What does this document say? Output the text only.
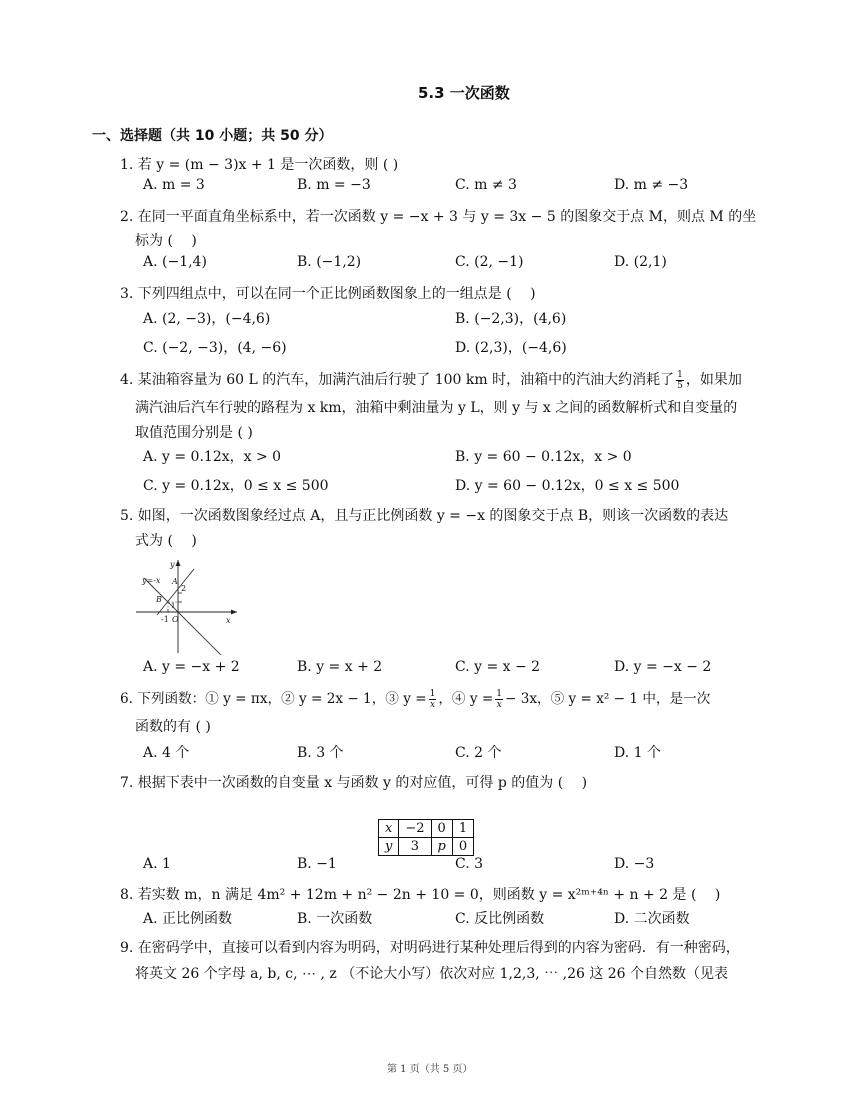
5.3 一次函数
一、选择题（共 10 小题；共 50 分）
1. 若 y = (m − 3)x + 1 是一次函数，则 ( )
A. m = 3	B. m = −3	C. m ≠ 3	D. m ≠ −3
2. 在同一平面直角坐标系中，若一次函数 y = −x + 3 与 y = 3x − 5 的图象交于点 M，则点 M 的坐
标为 (　 )
A. (−1,4)	B. (−1,2)	C. (2, −1)	D. (2,1)
3. 下列四组点中，可以在同一个正比例函数图象上的一组点是 (　 )
A. (2, −3)，(−4,6)	B. (−2,3)，(4,6)
C. (−2, −3)，(4, −6)	D. (2,3)，(−4,6)
4. 某油箱容量为 60 L 的汽车，加满汽油后行驶了 100 km 时，油箱中的汽油大约消耗了 $\frac{1}{5}$ ，如果加
满汽油后汽车行驶的路程为 x km，油箱中剩油量为 y L，则 y 与 x 之间的函数解析式和自变量的
取值范围分别是 ( )
A. y = 0.12x，x > 0	B. y = 60 − 0.12x，x > 0
C. y = 0.12x，0 ≤ x ≤ 500	D. y = 60 − 0.12x，0 ≤ x ≤ 500
5. 如图，一次函数图象经过点 A，且与正比例函数 y = −x 的图象交于点 B，则该一次函数的表达
式为 (　 )
y=-x
y
x
A
2
B
1
-1 O
A. y = −x + 2	B. y = x + 2	C. y = x − 2	D. y = −x − 2
6. 下列函数：① y = πx，② y = 2x − 1，③ $y = \frac{1}{x}$ ，④ $y = \frac{1}{x} - 3x$，⑤ y = x² − 1 中，是一次
函数的有 ( )
A. 4 个	B. 3 个	C. 2 个	D. 1 个
7. 根据下表中一次函数的自变量 x 与函数 y 的对应值，可得 p 的值为 (　 )
x	−2	0	1
y	3	p	0
A. 1	B. −1	C. 3	D. −3
8. 若实数 m，n 满足 4m² + 12m + n² − 2n + 10 = 0，则函数 y = x²ᵐ⁺⁴ⁿ + n + 2 是 (　 )
A. 正比例函数	B. 一次函数	C. 反比例函数	D. 二次函数
9. 在密码学中，直接可以看到内容为明码，对明码进行某种处理后得到的内容为密码．有一种密码，
将英文 26 个字母 a, b, c, ⋯ , z （不论大小写）依次对应 1,2,3, ⋯ ,26 这 26 个自然数（见表
第 1 页（共 5 页）
